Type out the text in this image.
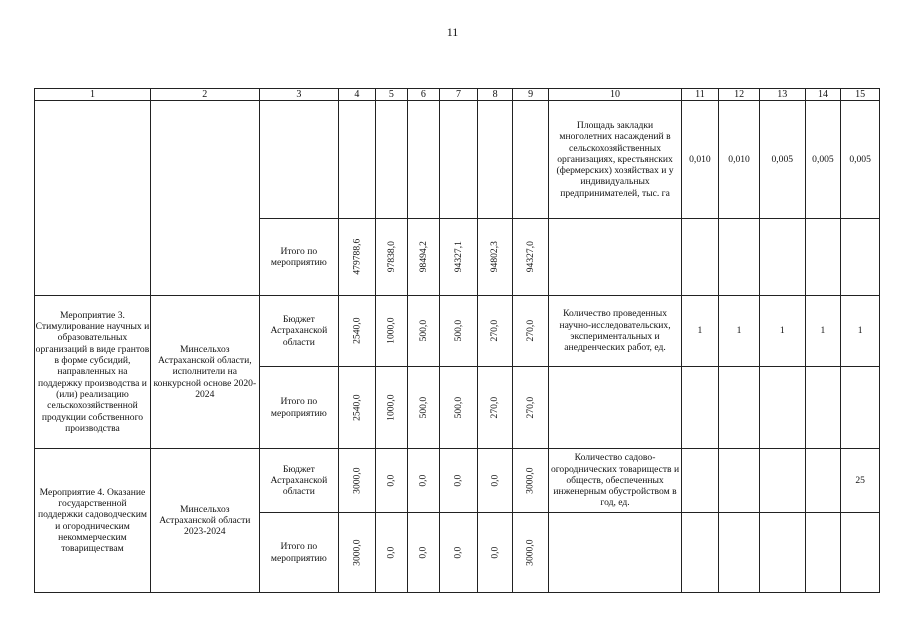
11
1	2	3	4	5	6	7	8	9	10	11	12	13	14	15
									Площадь закладки многолетних насаждений в сельскохозяйственных организациях, крестьянских (фермерских) хозяйствах и у индивидуальных предпринимателей, тыс. га	0,010	0,010	0,005	0,005	0,005
		Итого по мероприятию	479788,6	97838,0	98494,2	94327,1	94802,3	94327,0						
Мероприятие 3. Стимулирование научных и образовательных организаций в виде грантов в форме субсидий, направленных на поддержку производства и (или) реализацию сельскохозяйственной продукции собственного производства	Минсельхоз Астраханской области, исполнители на конкурсной основе 2020-2024	Бюджет Астраханской области	2540,0	1000,0	500,0	500,0	270,0	270,0	Количество проведенных научно-исследовательских, экспериментальных и анедренческих работ, ед.	1	1	1	1	1
		Итого по мероприятию	2540,0	1000,0	500,0	500,0	270,0	270,0						
Мероприятие 4. Оказание государственной поддержки садоводческим и огородническим некоммерческим товариществам	Минсельхоз Астраханской области 2023-2024	Бюджет Астраханской области	3000,0	0,0	0,0	0,0	0,0	3000,0	Количество садово-огороднических товариществ и обществ, обеспеченных инженерным обустройством в год, ед.					25
		Итого по мероприятию	3000,0	0,0	0,0	0,0	0,0	3000,0						
